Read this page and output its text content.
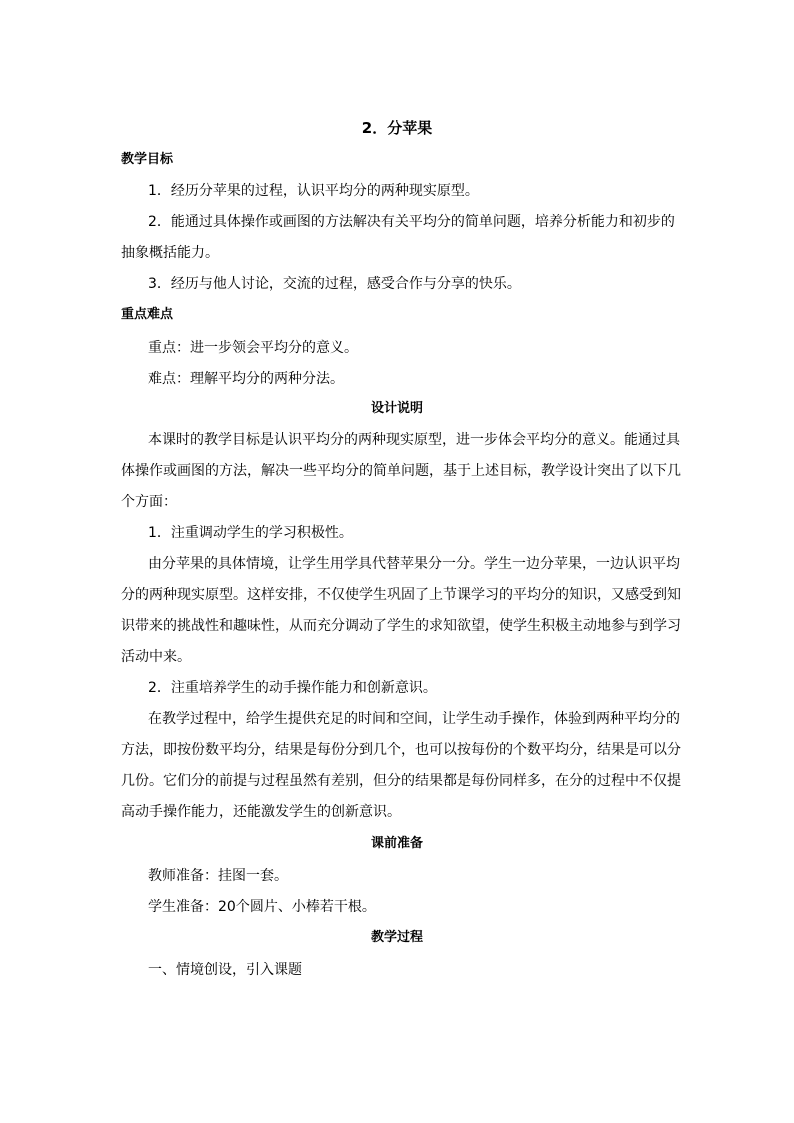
2．分苹果
教学目标
1．经历分苹果的过程，认识平均分的两种现实原型。
2．能通过具体操作或画图的方法解决有关平均分的简单问题，培养分析能力和初步的
抽象概括能力。
3．经历与他人讨论，交流的过程，感受合作与分享的快乐。
重点难点
重点：进一步领会平均分的意义。
难点：理解平均分的两种分法。
设计说明
本课时的教学目标是认识平均分的两种现实原型，进一步体会平均分的意义。能通过具
体操作或画图的方法，解决一些平均分的简单问题，基于上述目标，教学设计突出了以下几
个方面：
1．注重调动学生的学习积极性。
由分苹果的具体情境，让学生用学具代替苹果分一分。学生一边分苹果，一边认识平均
分的两种现实原型。这样安排，不仅使学生巩固了上节课学习的平均分的知识，又感受到知
识带来的挑战性和趣味性，从而充分调动了学生的求知欲望，使学生积极主动地参与到学习
活动中来。
2．注重培养学生的动手操作能力和创新意识。
在教学过程中，给学生提供充足的时间和空间，让学生动手操作，体验到两种平均分的
方法，即按份数平均分，结果是每份分到几个，也可以按每份的个数平均分，结果是可以分
几份。它们分的前提与过程虽然有差别，但分的结果都是每份同样多，在分的过程中不仅提
高动手操作能力，还能激发学生的创新意识。
课前准备
教师准备：挂图一套。
学生准备：20个圆片、小棒若干根。
教学过程
一、情境创设，引入课题
